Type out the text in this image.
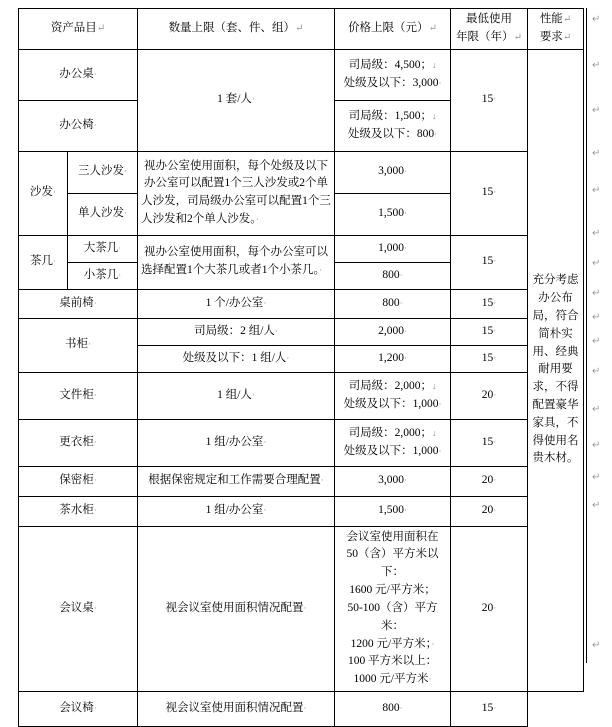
资产品目↵		数量上限（套、件、组）↵	价格上限（元）↵	最低使用
年限（年）↵	性能↵
要求↵
办公桌·		1 套/人·	司局级：4,500；↓
处级及以下：3,000·	15·	充分考虑办公布局，符合简朴实用、经典耐用要求，不得配置豪华家具，不得使用名贵木材。
办公椅·			司局级：1,500；↓
处级及以下：800·		
沙发·	三人沙发·	视办公室使用面积，每个处级及以下办公室可以配置1个三人沙发或2个单人沙发，司局级办公室可以配置1个三人沙发和2个单人沙发。·	3,000·	15·	
	单人沙发·		1,500·		
茶几·	大茶几·	视办公室使用面积，每个办公室可以选择配置1个大茶几或者1个小茶几。·	1,000·	15·	
	小茶几·		800·		
桌前椅·		1 个/办公室·	800·	15·	
书柜·		司局级：2 组/人·	2,000·	15·	
		处级及以下：1 组/人·	1,200·	15·	
文件柜·		1 组/人·	司局级：2,000；↓
处级及以下：1,000·	20·	
更衣柜·		1 组/办公室·	司局级：2,000；↓
处级及以下：1,000·	15·	
保密柜·		根据保密规定和工作需要合理配置·	3,000·	20·	
茶水柜·		1 组/办公室·	1,500·	20·	
会议桌·	视会议室使用面积情况配置·	会议室使用面积在
50（含）平方米以下：
1600 元/平方米；
50-100（含）平方米：
1200 元/平方米；·
100 平方米以上：
1000 元/平方米·	20·
会议椅·		视会议室使用面积情况配置·	800·	15·	
↵
↵
↵
↵
↵
↵
↵
↵
↵
↵
↵
↵
↵
↵
↵
↵
